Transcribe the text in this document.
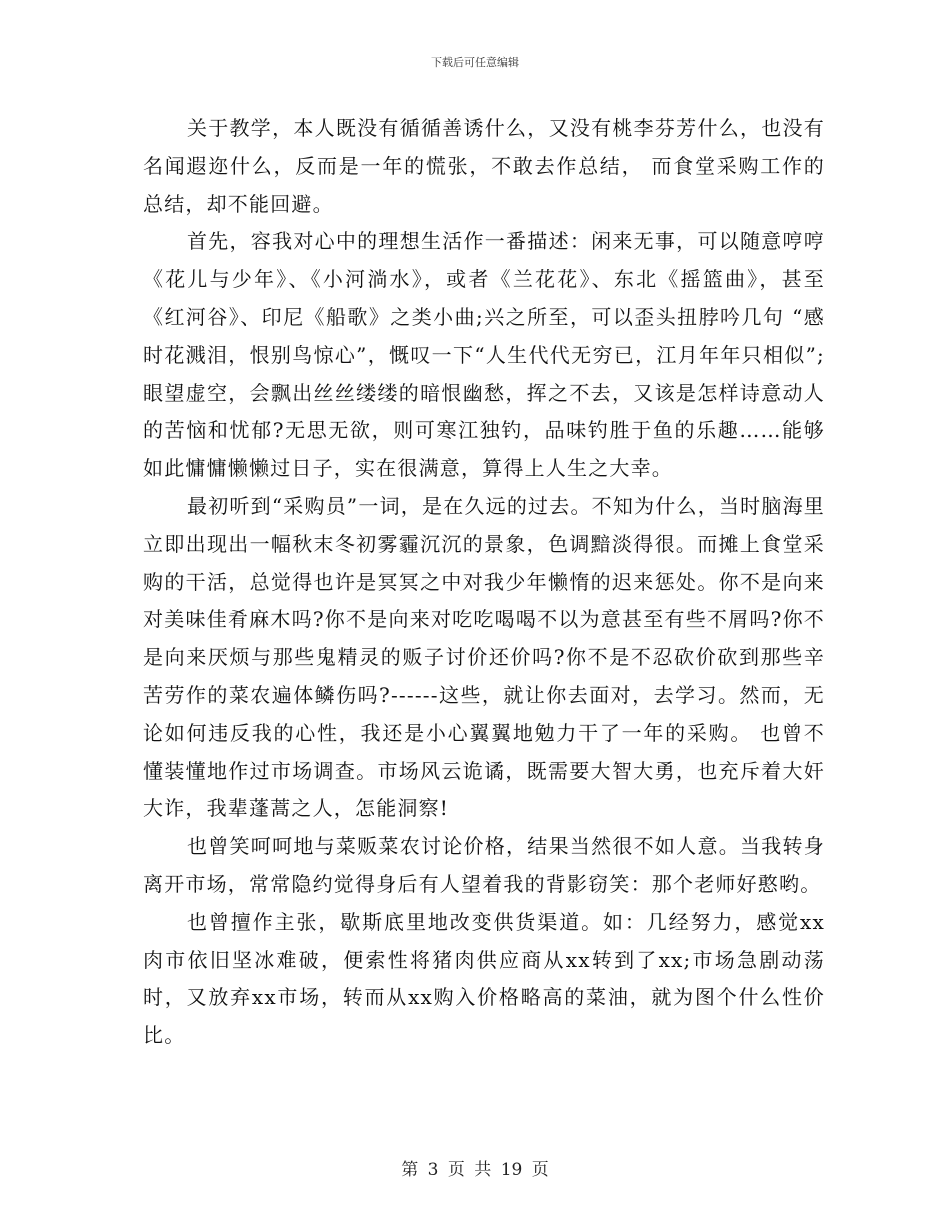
下载后可任意编辑

关于教学，本人既没有循循善诱什么，又没有桃李芬芳什么，也没有名闻遐迩什么，反而是一年的慌张，不敢去作总结， 而食堂采购工作的总结，却不能回避。

首先，容我对心中的理想生活作一番描述：闲来无事，可以随意哼哼《花儿与少年》、《小河淌水》，或者《兰花花》、东北《摇篮曲》，甚至《红河谷》、印尼《船歌》之类小曲;兴之所至，可以歪头扭脖吟几句 “感时花溅泪，恨别鸟惊心”，慨叹一下“人生代代无穷已，江月年年只相似”;眼望虚空，会飘出丝丝缕缕的暗恨幽愁，挥之不去，又该是怎样诗意动人的苦恼和忧郁?无思无欲，则可寒江独钓，品味钓胜于鱼的乐趣……能够如此慵慵懒懒过日子，实在很满意，算得上人生之大幸。

最初听到“采购员”一词，是在久远的过去。不知为什么，当时脑海里立即出现出一幅秋末冬初雾霾沉沉的景象，色调黯淡得很。而摊上食堂采购的干活，总觉得也许是冥冥之中对我少年懒惰的迟来惩处。你不是向来对美味佳肴麻木吗?你不是向来对吃吃喝喝不以为意甚至有些不屑吗?你不是向来厌烦与那些鬼精灵的贩子讨价还价吗?你不是不忍砍价砍到那些辛苦劳作的菜农遍体鳞伤吗?------这些，就让你去面对，去学习。然而，无论如何违反我的心性，我还是小心翼翼地勉力干了一年的采购。 也曾不懂装懂地作过市场调查。市场风云诡谲，既需要大智大勇，也充斥着大奸大诈，我辈蓬蒿之人，怎能洞察!

也曾笑呵呵地与菜贩菜农讨论价格，结果当然很不如人意。当我转身离开市场，常常隐约觉得身后有人望着我的背影窃笑：那个老师好憨哟。

也曾擅作主张，歇斯底里地改变供货渠道。如：几经努力，感觉xx肉市依旧坚冰难破，便索性将猪肉供应商从xx转到了xx;市场急剧动荡时，又放弃xx市场，转而从xx购入价格略高的菜油，就为图个什么性价比。

第 3 页 共 19 页
